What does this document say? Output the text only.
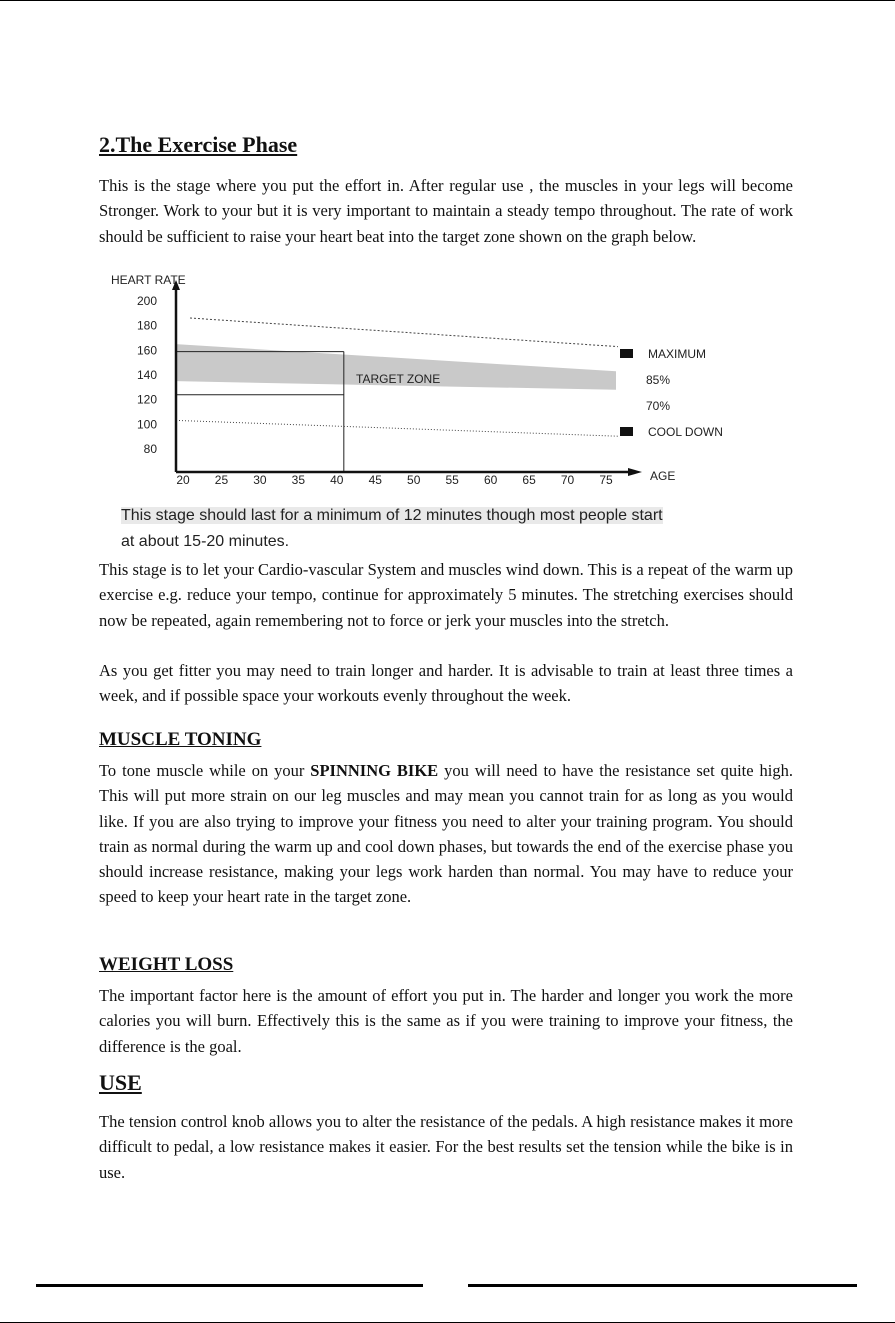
2.The Exercise Phase

This is the stage where you put the effort in. After regular use , the muscles in your legs will become Stronger. Work to your but it is very important to maintain a steady tempo throughout. The rate of work should be sufficient to raise your heart beat into the target zone shown on the graph below.

HEART RATE
AGE
200
180
160
140
120
100
80
20 25 30 35 40 45 50 55 60 65 70 75
MAXIMUM
85%
70%
COOL DOWN
TARGET ZONE

This stage should last for a minimum of 12 minutes though most people start
at about 15-20 minutes.

This stage is to let your Cardio-vascular System and muscles wind down. This is a repeat of the warm up exercise e.g. reduce your tempo, continue for approximately 5 minutes. The stretching exercises should now be repeated, again remembering not to force or jerk your muscles into the stretch.

As you get fitter you may need to train longer and harder. It is advisable to train at least three times a week, and if possible space your workouts evenly throughout the week.

MUSCLE TONING

To tone muscle while on your SPINNING BIKE you will need to have the resistance set quite high. This will put more strain on our leg muscles and may mean you cannot train for as long as you would like. If you are also trying to improve your fitness you need to alter your training program. You should train as normal during the warm up and cool down phases, but towards the end of the exercise phase you should increase resistance, making your legs work harden than normal. You may have to reduce your speed to keep your heart rate in the target zone.

WEIGHT LOSS

The important factor here is the amount of effort you put in. The harder and longer you work the more calories you will burn. Effectively this is the same as if you were training to improve your fitness, the difference is the goal.

USE

The tension control knob allows you to alter the resistance of the pedals. A high resistance makes it more difficult to pedal, a low resistance makes it easier. For the best results set the tension while the bike is in use.
